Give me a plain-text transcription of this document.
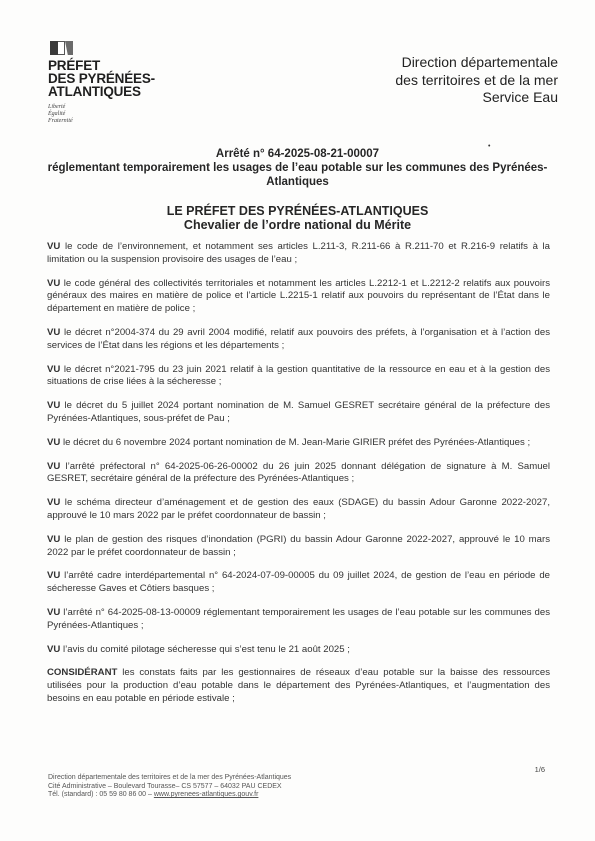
PRÉFET
DES PYRÉNÉES-
ATLANTIQUES
Liberté
Égalité
Fraternité
Direction départementale
des territoires et de la mer
Service Eau
•
Arrêté n° 64-2025-08-21-00007
réglementant temporairement les usages de l’eau potable sur les communes des Pyrénées-Atlantiques
LE PRÉFET DES PYRÉNÉES-ATLANTIQUES
Chevalier de l’ordre national du Mérite

VU le code de l’environnement, et notamment ses articles L.211-3, R.211-66 à R.211-70 et R.216-9 relatifs à la limitation ou la suspension provisoire des usages de l’eau ;

VU le code général des collectivités territoriales et notamment les articles L.2212-1 et L.2212-2 relatifs aux pouvoirs généraux des maires en matière de police et l’article L.2215-1 relatif aux pouvoirs du représentant de l’État dans le département en matière de police ;

VU le décret n°2004-374 du 29 avril 2004 modifié, relatif aux pouvoirs des préfets, à l’organisation et à l’action des services de l’État dans les régions et les départements ;

VU le décret n°2021-795 du 23 juin 2021 relatif à la gestion quantitative de la ressource en eau et à la gestion des situations de crise liées à la sécheresse ;

VU le décret du 5 juillet 2024 portant nomination de M. Samuel GESRET secrétaire général de la préfecture des Pyrénées-Atlantiques, sous-préfet de Pau ;

VU le décret du 6 novembre 2024 portant nomination de M. Jean-Marie GIRIER préfet des Pyrénées-Atlantiques ;

VU l’arrêté préfectoral n° 64-2025-06-26-00002 du 26 juin 2025 donnant délégation de signature à M. Samuel GESRET, secrétaire général de la préfecture des Pyrénées-Atlantiques ;

VU le schéma directeur d’aménagement et de gestion des eaux (SDAGE) du bassin Adour Garonne 2022-2027, approuvé le 10 mars 2022 par le préfet coordonnateur de bassin ;

VU le plan de gestion des risques d’inondation (PGRI) du bassin Adour Garonne 2022-2027, approuvé le 10 mars 2022 par le préfet coordonnateur de bassin ;

VU l’arrêté cadre interdépartemental n° 64-2024-07-09-00005 du 09 juillet 2024, de gestion de l’eau en période de sécheresse Gaves et Côtiers basques ;

VU l’arrêté n° 64-2025-08-13-00009 réglementant temporairement les usages de l’eau potable sur les communes des Pyrénées-Atlantiques ;

VU l’avis du comité pilotage sécheresse qui s’est tenu le 21 août 2025 ;

CONSIDÉRANT les constats faits par les gestionnaires de réseaux d’eau potable sur la baisse des ressources utilisées pour la production d’eau potable dans le département des Pyrénées-Atlantiques, et l’augmentation des besoins en eau potable en période estivale ;

1/6
Direction départementale des territoires et de la mer des Pyrénées-Atlantiques
Cité Administrative – Boulevard Tourasse– CS 57577 – 64032 PAU CEDEX
Tél. (standard) : 05 59 80 86 00 – www.pyrenees-atlantiques.gouv.fr
